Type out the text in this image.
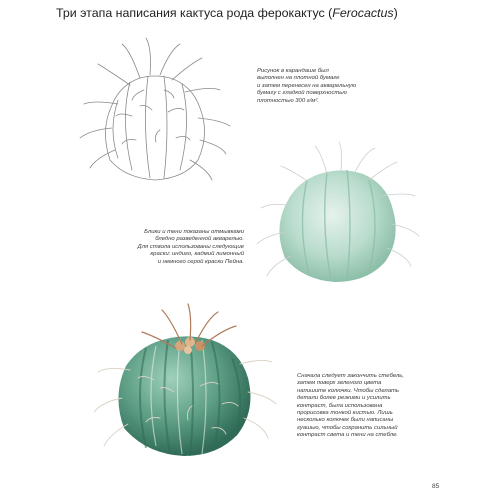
Три этапа написания кактуса рода ферокактус (Ferocactus)
Рисунок в карандаше был
выполнен на плотной бумаге
и затем перенесен на акварельную
бумагу с гладкой поверхностью
плотностью 300 г/м².
Блики и тени показаны отмывками
бледно разведенной акварелью.
Для ствола использованы следующие
краски: индиго, кадмий лимонный
и немного серой краски Пейна.
Сначала следует закончить стебель,
затем поверх зеленого цвета
напишите колючки. Чтобы сделать
детали более резкими и усилить
контраст, была использована
прорисовка тонкой кистью. Лишь
несколько колючек были написаны
гуашью, чтобы сохранить сильный
контраст света и тени на стебле.
85
